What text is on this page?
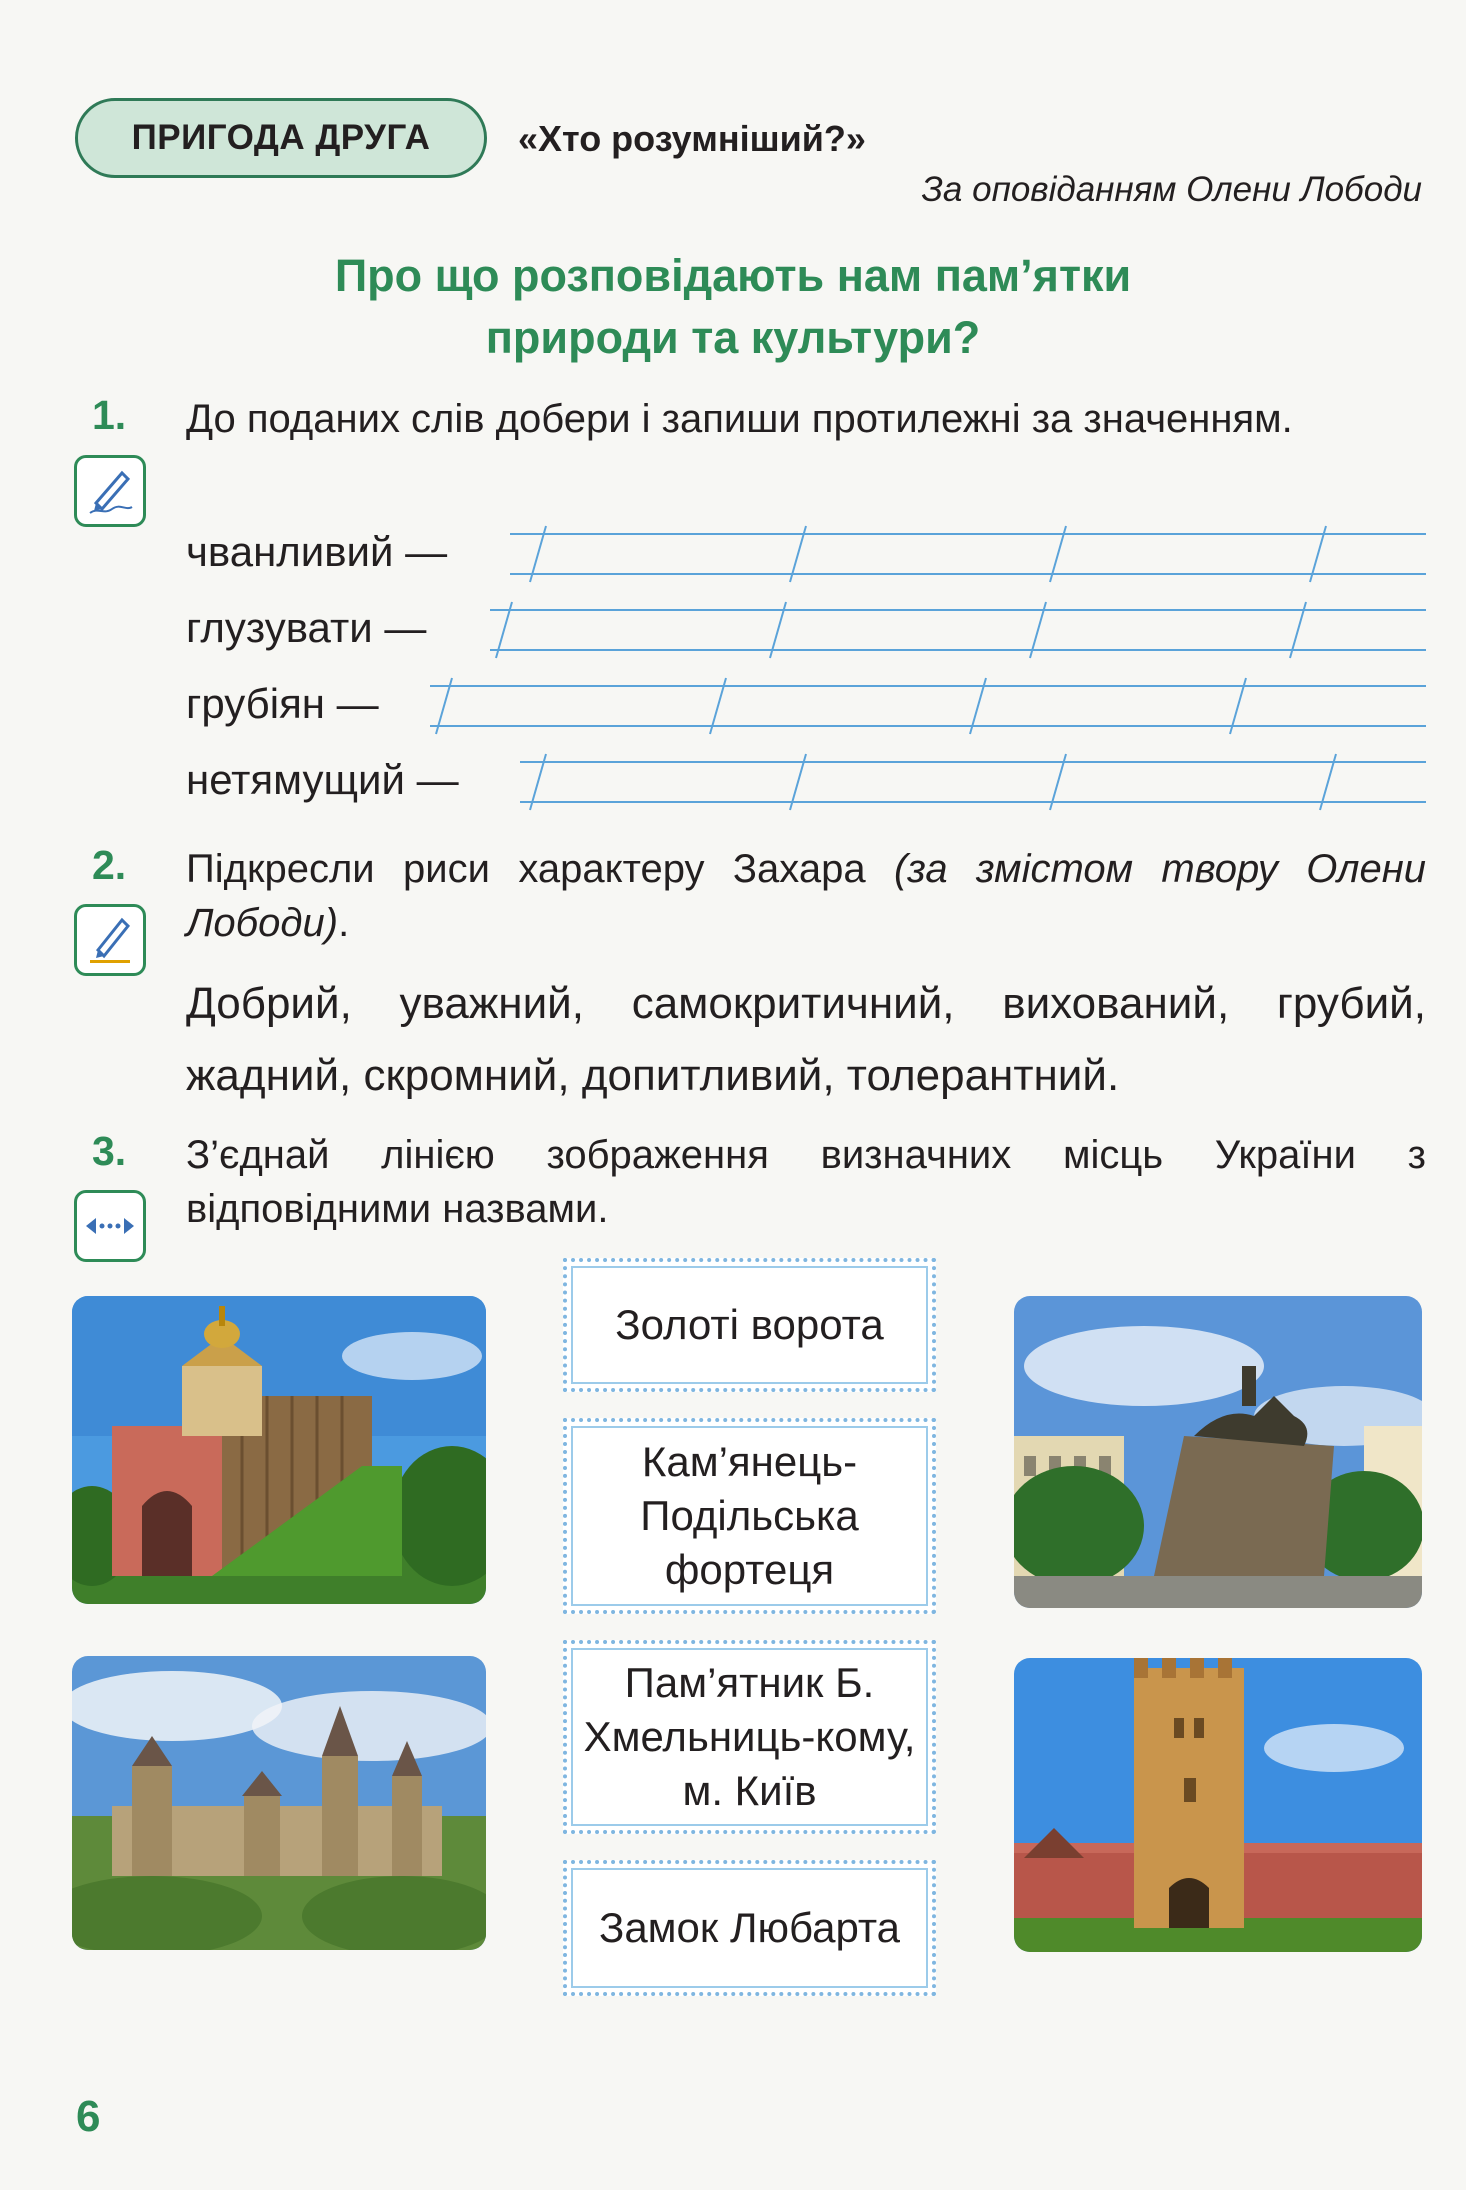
ПРИГОДА ДРУГА	«Хто розумніший?»
За оповіданням Олени Лободи
Про що розповідають нам пам’ятки
природи та культури?
1. До поданих слів добери і запиши протилежні за значенням.
чванливий —
глузувати —
грубіян —
нетямущий —
2. Підкресли риси характеру Захара (за змістом твору Олени Лободи).
Добрий, уважний, самокритичний, вихований, грубий, жадний, скромний, допитливий, толерантний.
3. З’єднай лінією зображення визначних місць України з відповідними назвами.
Золоті ворота
Кам’янець-Подільська фортеця
Пам’ятник Б. Хмельниць-кому, м. Київ
Замок Любарта
6
